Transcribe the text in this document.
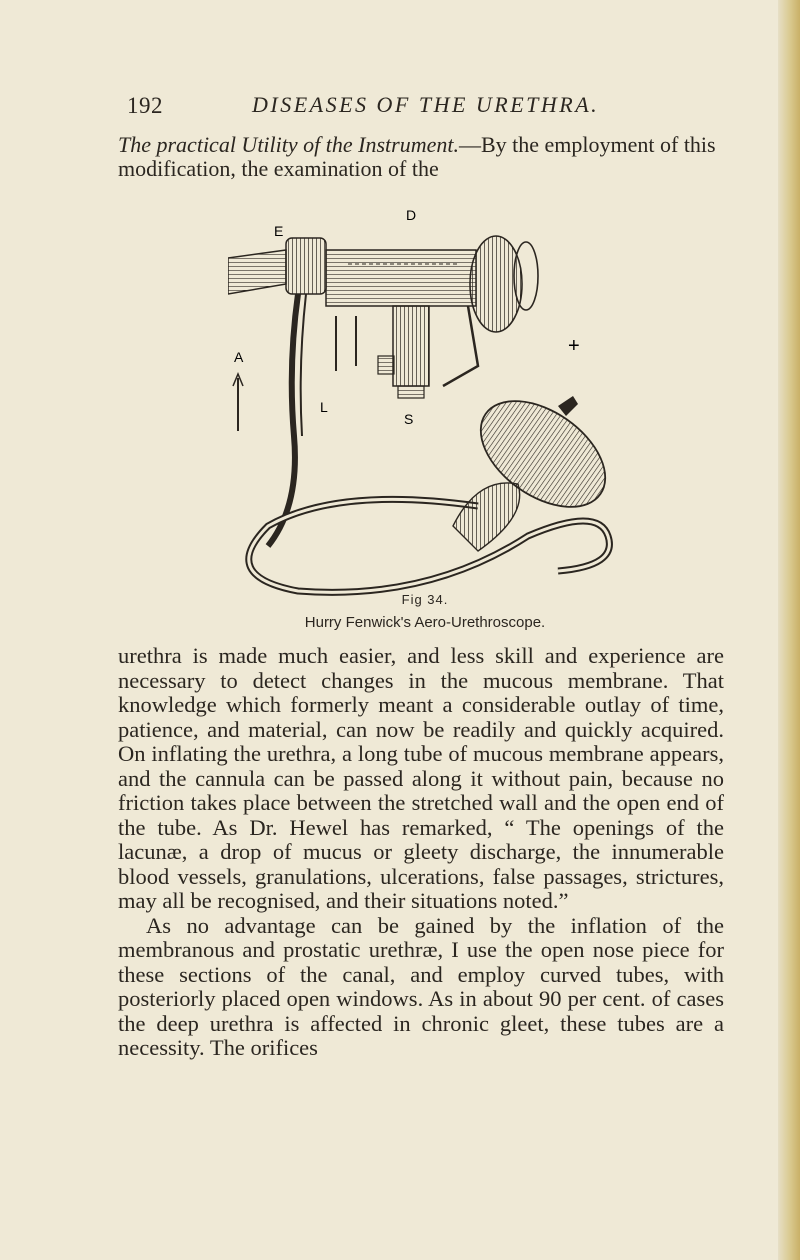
192	DISEASES OF THE URETHRA.

The practical Utility of the Instrument.—By the employment of this modification, the examination of the

D
E
A
L
S
+
Fig 34.
Hurry Fenwick's Aero-Urethroscope.

urethra is made much easier, and less skill and experience are necessary to detect changes in the mucous membrane. That knowledge which formerly meant a considerable outlay of time, patience, and material, can now be readily and quickly acquired. On inflating the urethra, a long tube of mucous membrane appears, and the cannula can be passed along it without pain, because no friction takes place between the stretched wall and the open end of the tube. As Dr. Hewel has remarked, “ The openings of the lacunæ, a drop of mucus or gleety discharge, the innumerable blood vessels, granulations, ulcerations, false passages, strictures, may all be recognised, and their situations noted.”

As no advantage can be gained by the inflation of the membranous and prostatic urethræ, I use the open nose piece for these sections of the canal, and employ curved tubes, with posteriorly placed open windows. As in about 90 per cent. of cases the deep urethra is affected in chronic gleet, these tubes are a necessity. The orifices
